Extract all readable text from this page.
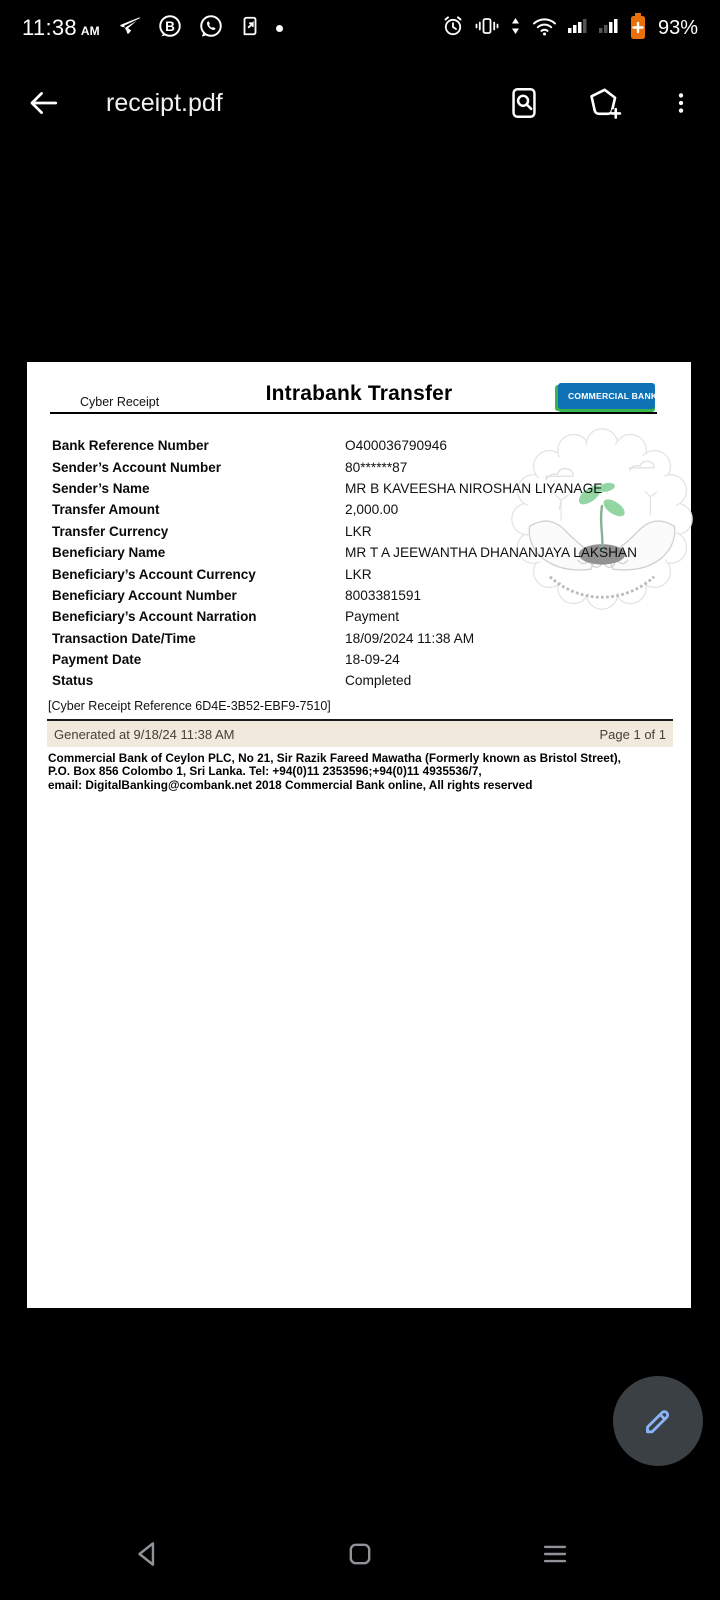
11:38 AM	B	93%
receipt.pdf
Cyber Receipt	Intrabank Transfer	COMMERCIAL BANK
Bank Reference Number	O400036790946
Sender’s Account Number	80******87
Sender’s Name	MR B KAVEESHA NIROSHAN LIYANAGE
Transfer Amount	2,000.00
Transfer Currency	LKR
Beneficiary Name	MR T A JEEWANTHA DHANANJAYA LAKSHAN
Beneficiary’s Account Currency	LKR
Beneficiary Account Number	8003381591
Beneficiary’s Account Narration	Payment
Transaction Date/Time	18/09/2024 11:38 AM
Payment Date	18-09-24
Status	Completed
[Cyber Receipt Reference 6D4E-3B52-EBF9-7510]
Generated at 9/18/24 11:38 AM	Page 1 of 1
Commercial Bank of Ceylon PLC, No 21, Sir Razik Fareed Mawatha (Formerly known as Bristol Street),
P.O. Box 856 Colombo 1, Sri Lanka. Tel: +94(0)11 2353596;+94(0)11 4935536/7,
email: DigitalBanking@combank.net 2018 Commercial Bank online, All rights reserved
